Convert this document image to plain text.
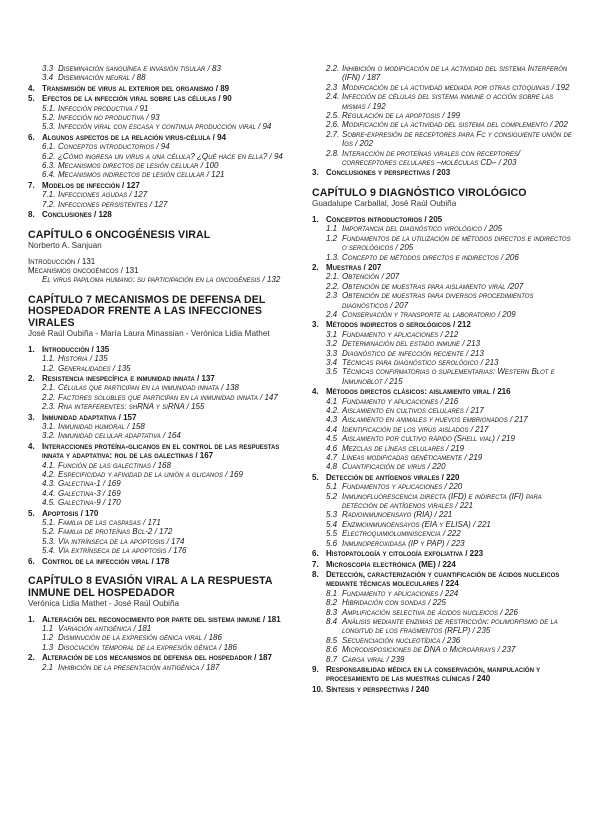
3.3 Diseminación sanguínea e invasión tisular / 83
3.4 Diseminación neural / 88
4. Transmisión de virus al exterior del organismo / 89
5. Efectos de la infección viral sobre las células / 90
5.1. Infección productiva / 91
5.2. Infección no productiva / 93
5.3. Infección viral con escasa y continua producción viral / 94
6. Algunos aspectos de la relación virus-célula / 94
6.1. Conceptos introductorios / 94
6.2. ¿Cómo ingresa un virus a una célula? ¿Qué hace en ella? / 94
6.3. Mecanismos directos de lesión celular / 100
6.4. Mecanismos indirectos de lesión celular / 121
7. Modelos de infección / 127
7.1. Infecciones agudas / 127
7.2. Infecciones persistentes / 127
8. Conclusiones / 128
CAPÍTULO 6 ONCOGÉNESIS VIRAL
Norberto A. Sanjuan
Introducción / 131
Mecanismos oncogénicos / 131
El virus papiloma humano: su participación en la oncogénesis / 132
CAPÍTULO 7 MECANISMOS DE DEFENSA DEL HOSPEDADOR FRENTE A LAS INFECCIONES VIRALES
José Raúl Oubiña - María Laura Minassian - Verónica Lidia Mathet
1. Introducción / 135
1.1. Historia / 135
1.2. Generalidades / 135
2. Resistencia inespecífica e inmunidad innata / 137
2.1. Células que participan en la inmunidad innata / 138
2.2. Factores solubles que participan en la inmunidad innata / 147
2.3. Rna interferentes: shRNA y siRNA / 155
3. Inmunidad adaptativa / 157
3.1. Inmunidad humoral / 158
3.2. Inmunidad celular adaptativa / 164
4. Interacciones proteína-glicanos en el control de las respuestas innata y adaptativa: rol de las galectinas / 167
4.1. Función de las galectinas / 168
4.2. Especificidad y afinidad de la unión a glicanos / 169
4.3. Galectina-1 / 169
4.4. Galectina-3 / 169
4.5. Galectina-9 / 170
5. Apoptosis / 170
5.1. Familia de las caspasas / 171
5.2. Familia de proteínas Bcl-2 / 172
5.3. Vía intrínseca de la apoptosis / 174
5.4. Vía extrínseca de la apoptosis / 176
6. Control de la infección viral / 178
CAPÍTULO 8 EVASIÓN VIRAL A LA RESPUESTA INMUNE DEL HOSPEDADOR
Verónica Lidia Mathet - José Raúl Oubiña
1. Alteración del reconocimiento por parte del sistema inmune / 181
1.1 Variación antigénica / 181
1.2 Disminución de la expresión génica viral / 186
1.3 Disociación temporal de la expresión génica / 186
2. Alteración de los mecanismos de defensa del hospedador / 187
2.1 Inhibición de la presentación antigénica / 187
2.2. Inhibición o modificación de la actividad del sistema Interferón (IFN) / 187
2.3 Modificación de la actividad mediada por otras citoquinas / 192
2.4. Infección de células del sistema inmune o acción sobre las mismas / 192
2.5. Regulación de la apoptosis / 199
2.6. Modificación de la actividad del sistema del complemento / 202
2.7. Sobre-expresión de receptores para Fc y consiguiente unión de Igs / 202
2.8. Interacción de proteínas virales con receptores/ correceptores celulares –moléculas CD– / 203
3. Conclusiones y perspectivas / 203
CAPÍTULO 9 DIAGNÓSTICO VIROLÓGICO
Guadalupe Carballal, José Raúl Oubiña
1. Conceptos introductorios / 205
1.1 Importancia del diagnóstico virológico / 205
1.2 Fundamentos de la utilización de métodos directos e indirectos o serológicos / 205
1.3. Concepto de métodos directos e indirectos / 206
2. Muestras / 207
2.1. Obtención / 207
2.2. Obtención de muestras para aislamiento viral /207
2.3 Obtención de muestras para diversos procedimientos diagnósticos / 207
2.4 Conservación y transporte al laboratorio / 209
3. Métodos indirectos o serológicos / 212
3.1 Fundamento y aplicaciones / 212
3.2 Determinación del estado inmune / 213
3.3 Diagnóstico de infección reciente / 213
3.4 Técnicas para diagnóstico serológico / 213
3.5 Técnicas confirmatorias o suplementarias: Western Blot e Inmunoblot / 215
4. Métodos directos clásicos: aislamiento viral / 216
4.1 Fundamento y aplicaciones / 216
4.2. Aislamiento en cultivos celulares / 217
4.3 Aislamiento en animales y huevos embrionados / 217
4.4 Identificación de los virus aislados / 217
4.5 Aislamiento por cultivo rápido (Shell vial) / 219
4.6 Mezclas de líneas celulares / 219
4.7 Líneas modificadas genéticamente / 219
4.8 Cuantificación de virus / 220
5. Detección de antígenos virales / 220
5.1 Fundamentos y aplicaciones / 220
5.2 Inmunofluorescencia directa (IFD) e indirecta (IFI) para detección de antígenos virales / 221
5.3 Radioinmunoensayo (RIA) / 221
5.4 Enzimoinmunoensayos (EIA y ELISA) / 221
5.5 Electroquimioluminiscencia / 222
5.6 Inmunoperoxidasa (IP y PAP) / 223
6. Histopatología y citología exfoliativa / 223
7. Microscopía electrónica (ME) / 224
8. Detección, caracterización y cuantificación de ácidos nucleicos mediante técnicas moleculares / 224
8.1 Fundamento y aplicaciones / 224
8.2 Hibridación con sondas / 225
8.3 Amplificación selectiva de ácidos nucleicos / 226
8.4 Análisis mediante enzimas de restricción: polimorfismo de la longitud de los fragmentos (RFLP) / 235
8.5 Secuenciación nucleotídica / 236
8.6 Microdisposiciones de DNA o Microarrays / 237
8.7 Carga viral / 239
9. Responsabilidad médica en la conservación, manipulación y procesamiento de las muestras clínicas / 240
10. Síntesis y perspectivas / 240
